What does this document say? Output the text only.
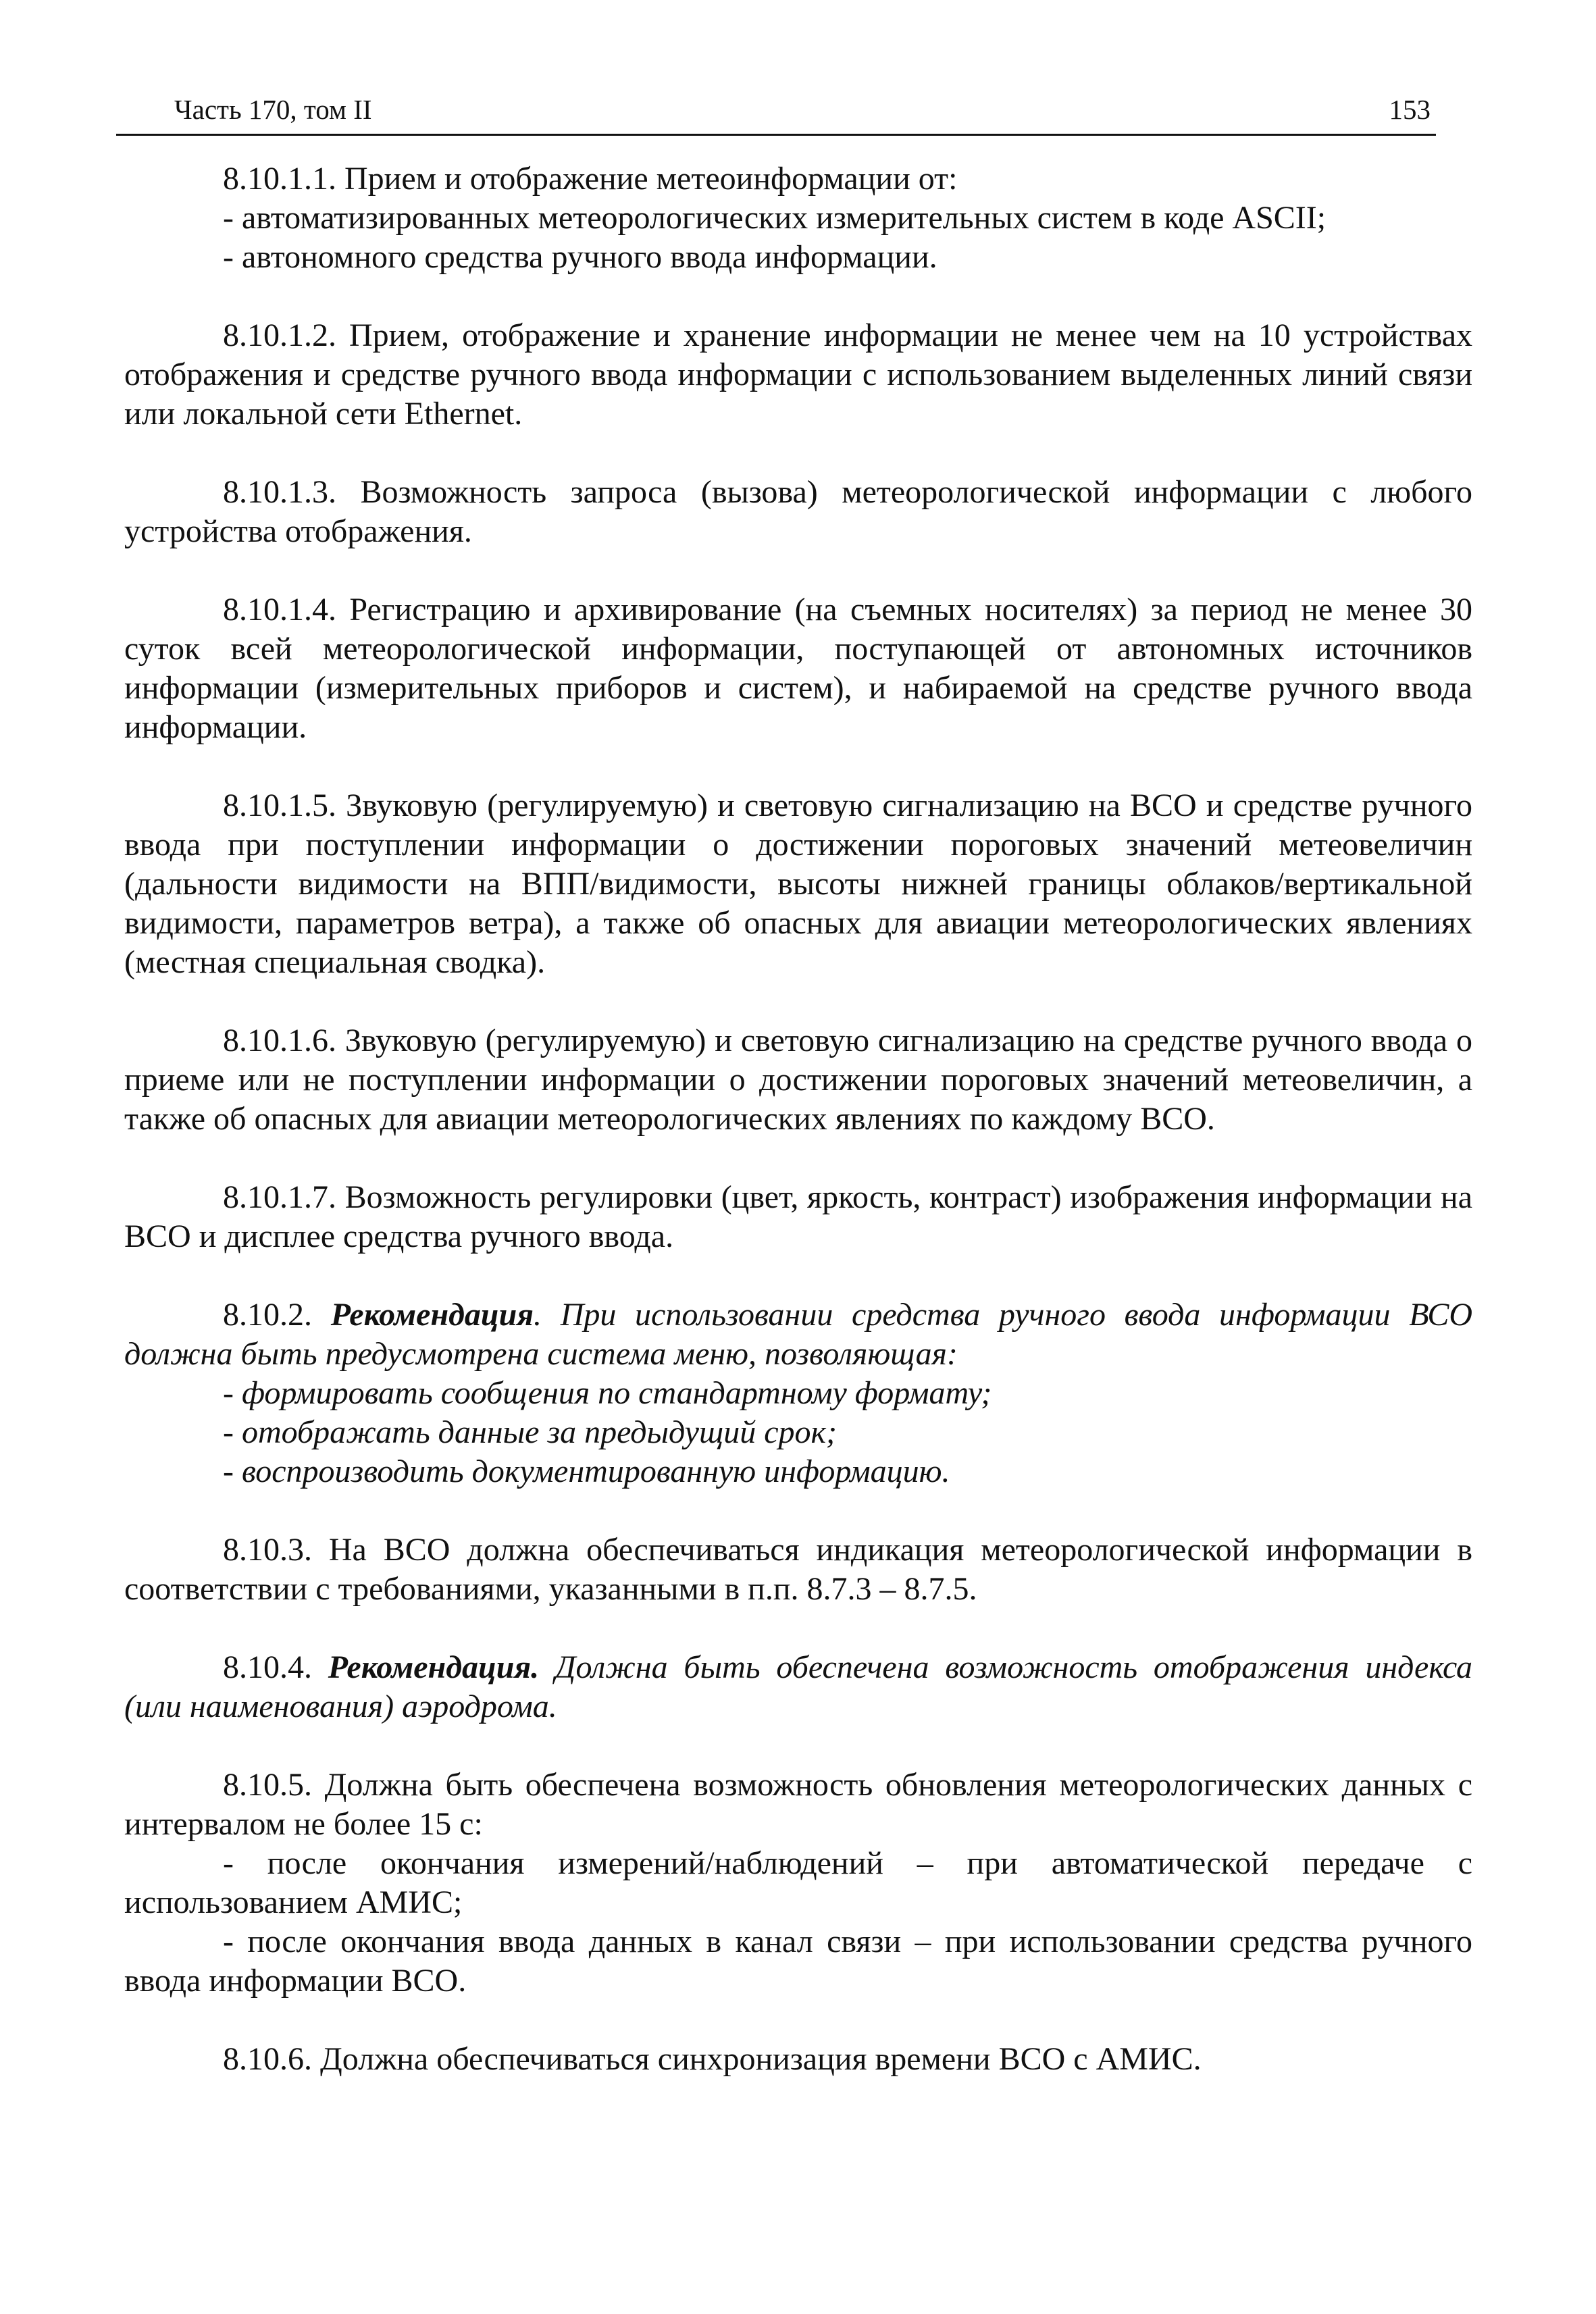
Часть 170, том II	153
8.10.1.1. Прием и отображение метеоинформации от:
- автоматизированных метеорологических измерительных систем в коде ASCII;
- автономного средства ручного ввода информации.
8.10.1.2. Прием, отображение и хранение информации не менее чем на 10 устройствах отображения и средстве ручного ввода информации с использованием выделенных линий связи или локальной сети Ethernet.
8.10.1.3. Возможность запроса (вызова) метеорологической информации с любого устройства отображения.
8.10.1.4. Регистрацию и архивирование (на съемных носителях) за период не менее 30 суток всей метеорологической информации, поступающей от автономных источников информации (измерительных приборов и систем), и набираемой на средстве ручного ввода информации.
8.10.1.5. Звуковую (регулируемую) и световую сигнализацию на ВСО и средстве ручного ввода при поступлении информации о достижении пороговых значений метеовеличин (дальности видимости на ВПП/видимости, высоты нижней границы облаков/вертикальной видимости, параметров ветра), а также об опасных для авиации метеорологических явлениях (местная специальная сводка).
8.10.1.6. Звуковую (регулируемую) и световую сигнализацию на средстве ручного ввода о приеме или не поступлении информации о достижении пороговых значений метеовеличин, а также об опасных для авиации метеорологических явлениях по каждому ВСО.
8.10.1.7. Возможность регулировки (цвет, яркость, контраст) изображения информации на ВСО и дисплее средства ручного ввода.
8.10.2. Рекомендация. При использовании средства ручного ввода информации ВСО должна быть предусмотрена система меню, позволяющая:
- формировать сообщения по стандартному формату;
- отображать данные за предыдущий срок;
- воспроизводить документированную информацию.
8.10.3. На ВСО должна обеспечиваться индикация метеорологической информации в соответствии с требованиями, указанными в п.п. 8.7.3 – 8.7.5.
8.10.4. Рекомендация. Должна быть обеспечена возможность отображения индекса (или наименования) аэродрома.
8.10.5. Должна быть обеспечена возможность обновления метеорологических данных с интервалом не более 15 с:
- после окончания измерений/наблюдений – при автоматической передаче с использованием АМИС;
- после окончания ввода данных в канал связи – при использовании средства ручного ввода информации ВСО.
8.10.6. Должна обеспечиваться синхронизация времени ВСО с АМИС.
